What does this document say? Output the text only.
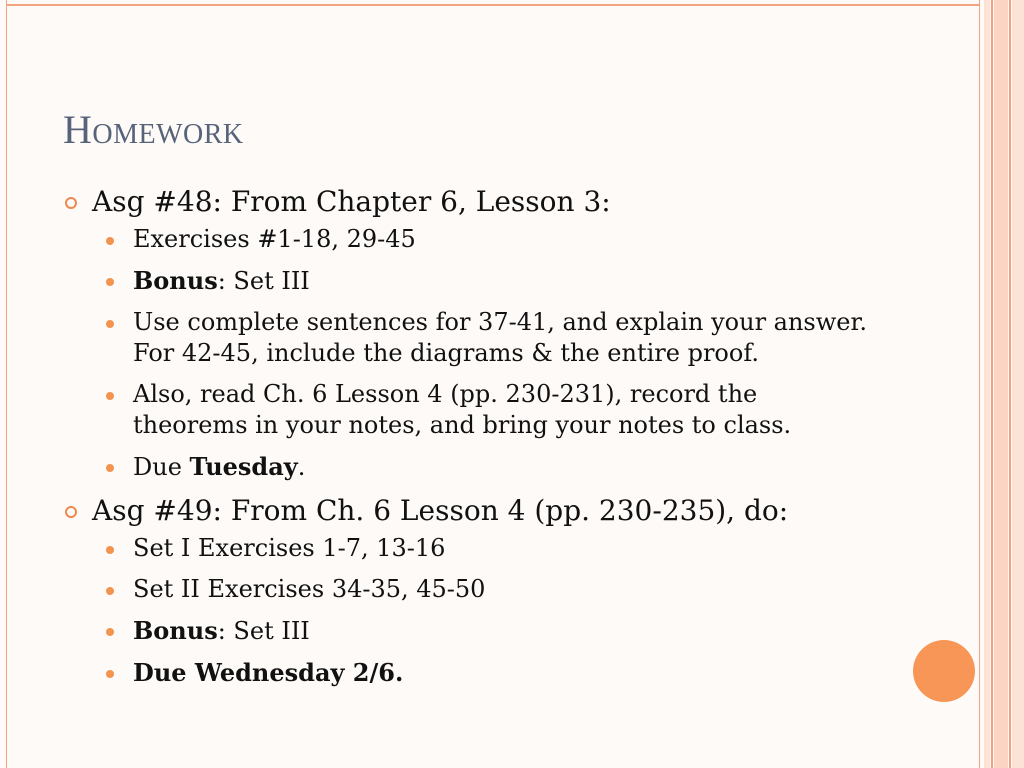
Homework
Asg #48: From Chapter 6, Lesson 3:
Exercises #1-18, 29-45
Bonus: Set III
Use complete sentences for 37-41, and explain your answer. For 42-45, include the diagrams & the entire proof.
Also, read Ch. 6 Lesson 4 (pp. 230-231), record the theorems in your notes, and bring your notes to class.
Due Tuesday.
Asg #49: From Ch. 6 Lesson 4 (pp. 230-235), do:
Set I Exercises 1-7, 13-16
Set II Exercises 34-35, 45-50
Bonus: Set III
Due Wednesday 2/6.
